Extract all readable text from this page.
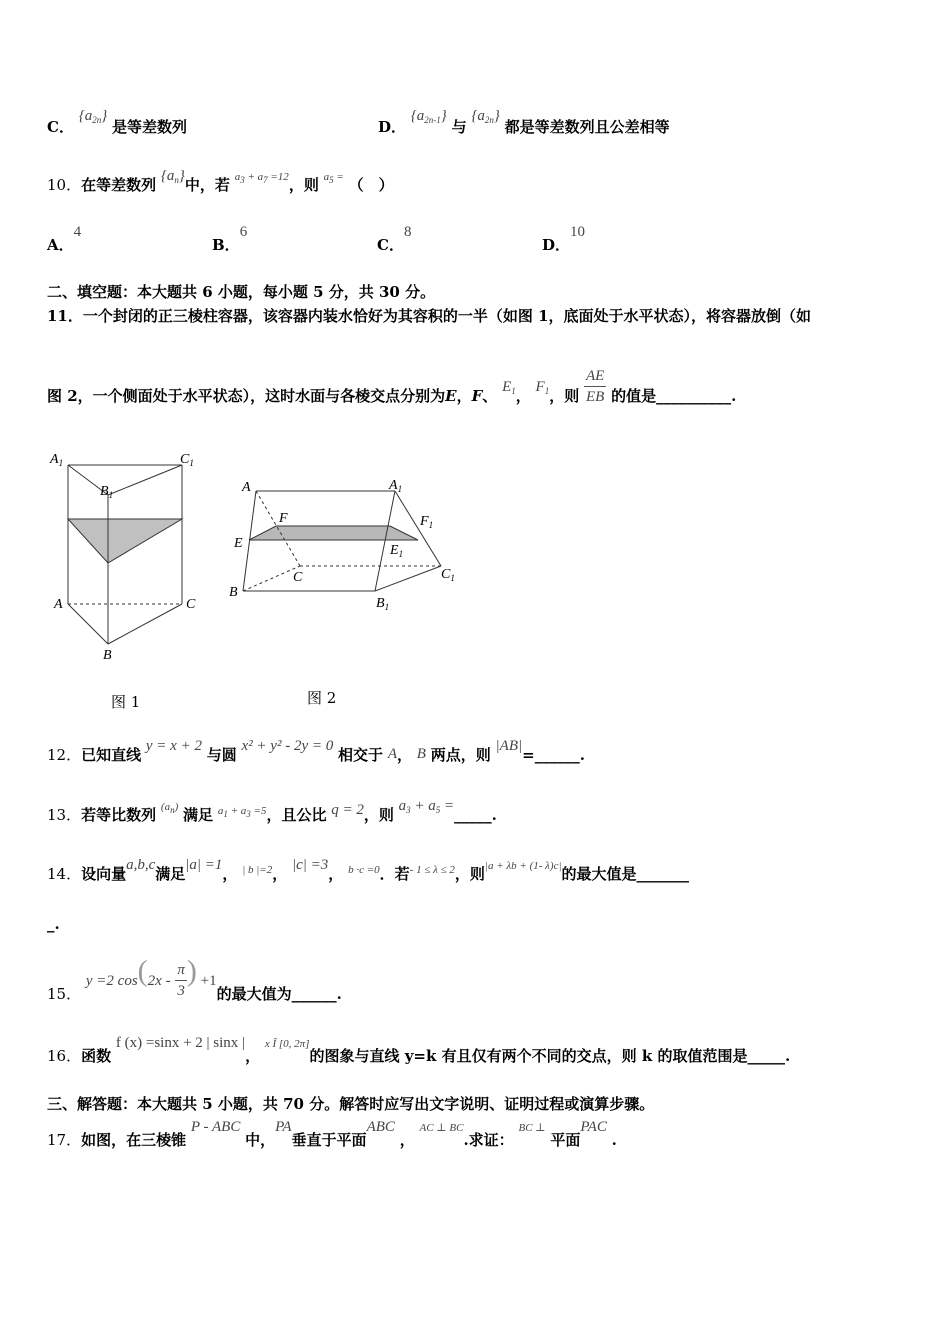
C． $\{a_{2n}\}$ 是等差数列	D． $\{a_{2n-1}\}$ 与 $\{a_{2n}\}$ 都是等差数列且公差相等
10．在等差数列 $\{a_n\}$中，若 $a_3 + a_7 =12$，则 $a_5$ = （　）
A．4
B．6
C．8
D．10
二、填空题：本大题共 6 小题，每小题 5 分，共 30 分。
11．一个封闭的正三棱柱容器，该容器内装水恰好为其容积的一半（如图 1，底面处于水平状态），将容器放倒（如
图 2，一个侧面处于水平状态），这时水面与各棱交点分别为E，F、 $E_1$， $F_1$，则 $\frac{AE}{EB}$ 的值是__________.
$A_1$	$C_1$
$B_1$
A	C
B
图 1
A	$A_1$
F	$F_1$
E	$E_1$
C	$C_1$
B
$B_1$
图 2
12．已知直线 y = x + 2 与圆 x² + y² - 2y = 0 相交于 A， B 两点，则 |AB|=______.
13．若等比数列 $(a_n)$ 满足 $_{a_1 + a_3 =5}$，且公比 q = 2，则 $a_3 + a_5$ =_____.
14．设向量a,b,c满足|a| =1， $_{| b |=2}$， |c| =3， $_{b \cdot c =0}$．若$_{- 1 \le \lambda \le 2}$，则|a + λb + (1- λ)c|的最大值是_______
_.
15． y =2 $\cos(2x - \frac{\pi}{3}$ ) +1的最大值为______.
16．函数 f (x) =sinx + 2 | sinx |， x Î [0, 2π]的图象与直线 y=k 有且仅有两个不同的交点，则 k 的取值范围是_____.
三、解答题：本大题共 5 小题，共 70 分。解答时应写出文字说明、证明过程或演算步骤。
17．如图，在三棱锥 P - ABC 中，PA垂直于平面ABC ， AC ⊥ BC.求证： BC ⊥ 平面PAC .
